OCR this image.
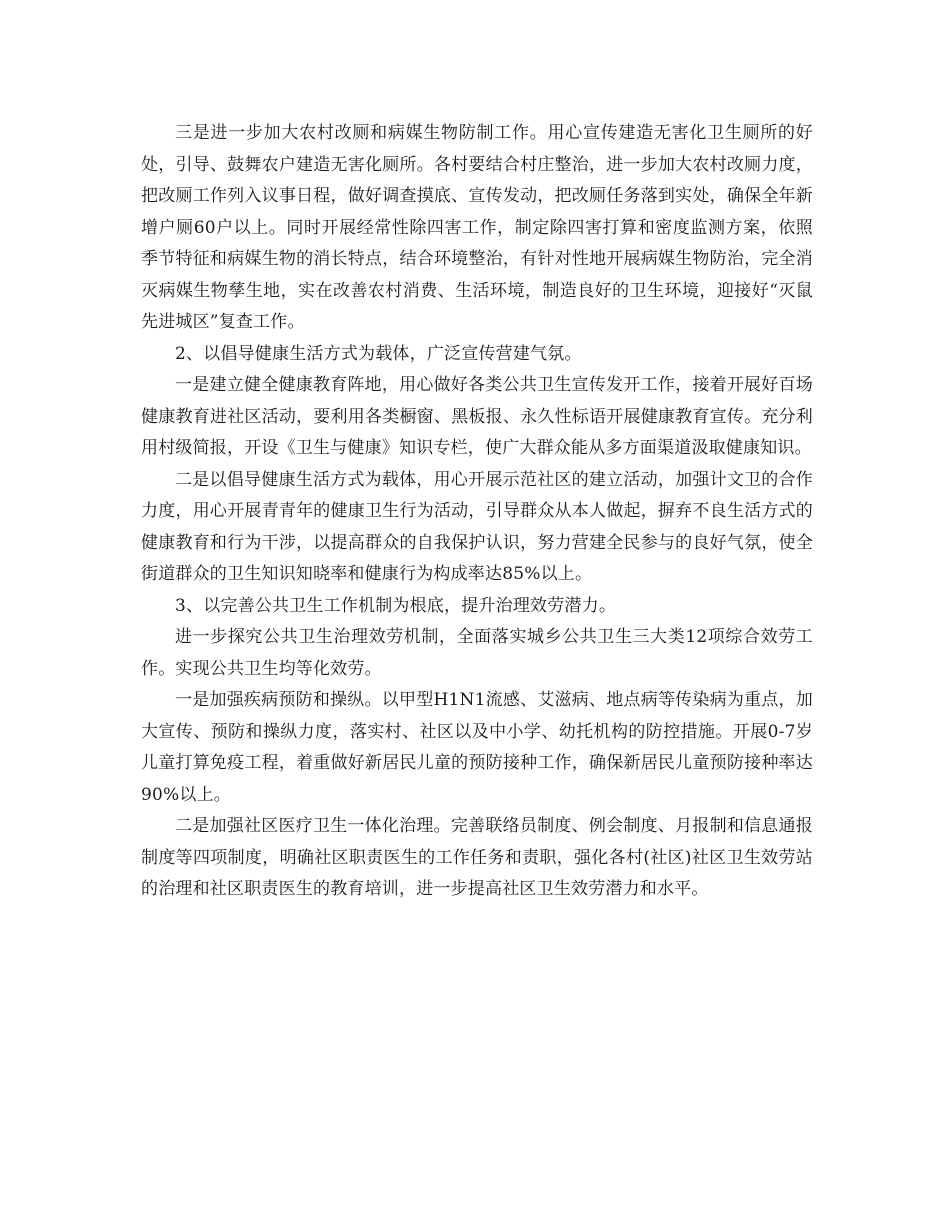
三是进一步加大农村改厕和病媒生物防制工作。用心宣传建造无害化卫生厕所的好处，引导、鼓舞农户建造无害化厕所。各村要结合村庄整治，进一步加大农村改厕力度，把改厕工作列入议事日程，做好调查摸底、宣传发动，把改厕任务落到实处，确保全年新增户厕60户以上。同时开展经常性除四害工作，制定除四害打算和密度监测方案，依照季节特征和病媒生物的消长特点，结合环境整治，有针对性地开展病媒生物防治，完全消灭病媒生物孳生地，实在改善农村消费、生活环境，制造良好的卫生环境，迎接好“灭鼠先进城区”复查工作。

2、以倡导健康生活方式为载体，广泛宣传营建气氛。

一是建立健全健康教育阵地，用心做好各类公共卫生宣传发开工作，接着开展好百场健康教育进社区活动，要利用各类橱窗、黑板报、永久性标语开展健康教育宣传。充分利用村级简报，开设《卫生与健康》知识专栏，使广大群众能从多方面渠道汲取健康知识。

二是以倡导健康生活方式为载体，用心开展示范社区的建立活动，加强计文卫的合作力度，用心开展青青年的健康卫生行为活动，引导群众从本人做起，摒弃不良生活方式的健康教育和行为干涉，以提高群众的自我保护认识，努力营建全民参与的良好气氛，使全街道群众的卫生知识知晓率和健康行为构成率达85%以上。

3、以完善公共卫生工作机制为根底，提升治理效劳潜力。

进一步探究公共卫生治理效劳机制，全面落实城乡公共卫生三大类12项综合效劳工作。实现公共卫生均等化效劳。

一是加强疾病预防和操纵。以甲型H1N1流感、艾滋病、地点病等传染病为重点，加大宣传、预防和操纵力度，落实村、社区以及中小学、幼托机构的防控措施。开展0-7岁儿童打算免疫工程，着重做好新居民儿童的预防接种工作，确保新居民儿童预防接种率达90%以上。

二是加强社区医疗卫生一体化治理。完善联络员制度、例会制度、月报制和信息通报制度等四项制度，明确社区职责医生的工作任务和责职，强化各村(社区)社区卫生效劳站的治理和社区职责医生的教育培训，进一步提高社区卫生效劳潜力和水平。
